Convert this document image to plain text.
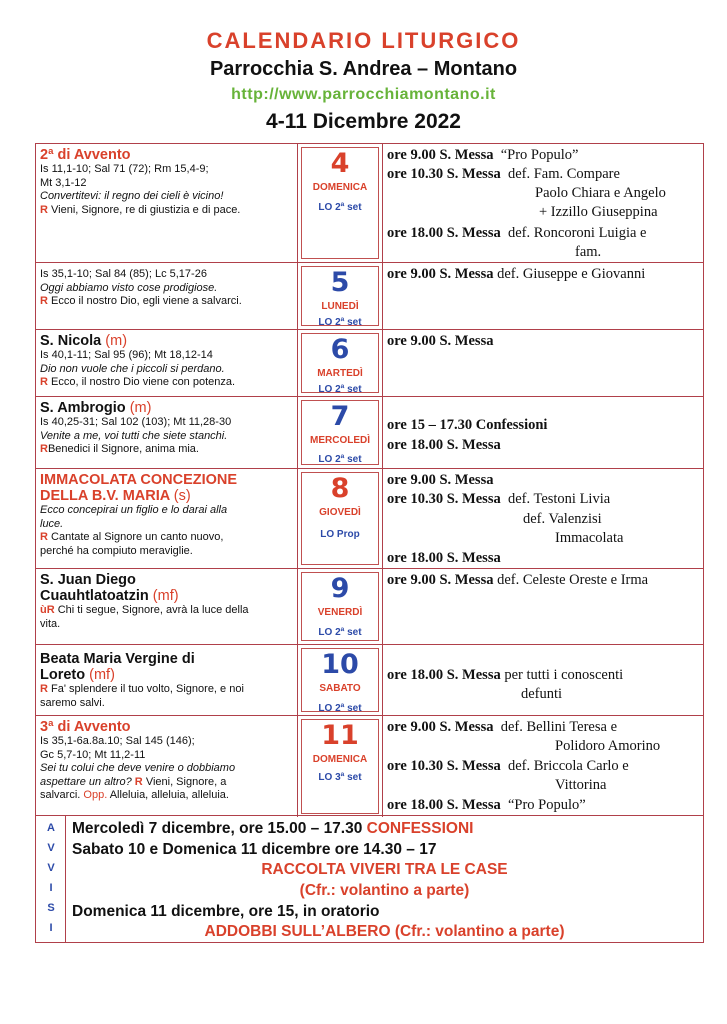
CALENDARIO LITURGICO
Parrocchia S. Andrea – Montano
http://www.parrocchiamontano.it
4-11 Dicembre 2022
2ª di Avvento
Is 11,1-10; Sal 71 (72); Rm 15,4-9;
Mt 3,1-12
Convertitevi: il regno dei cieli è vicino!
R Vieni, Signore, re di giustizia e di pace.
4
DOMENICA
LO 2ª set
ore 9.00 S. Messa “Pro Populo”
ore 10.30 S. Messa def. Fam. Compare
Paolo Chiara e Angelo
+ Izzillo Giuseppina
ore 18.00 S. Messa def. Roncoroni Luigia e
fam.
Is 35,1-10; Sal 84 (85); Lc 5,17-26
Oggi abbiamo visto cose prodigiose.
R Ecco il nostro Dio, egli viene a salvarci.
5
LUNEDÌ
LO 2ª set
ore 9.00 S. Messa def. Giuseppe e Giovanni
S. Nicola (m)
Is 40,1-11; Sal 95 (96); Mt 18,12-14
Dio non vuole che i piccoli si perdano.
R Ecco, il nostro Dio viene con potenza.
6
MARTEDÌ
LO 2ª set
ore 9.00 S. Messa
S. Ambrogio (m)
Is 40,25-31; Sal 102 (103); Mt 11,28-30
Venite a me, voi tutti che siete stanchi.
RBenedici il Signore, anima mia.
7
MERCOLEDÌ
LO 2ª set
ore 15 – 17.30 Confessioni
ore 18.00 S. Messa
IMMACOLATA CONCEZIONE
DELLA B.V. MARIA (s)
Ecco concepirai un figlio e lo darai alla
luce.
R Cantate al Signore un canto nuovo,
perché ha compiuto meraviglie.
8
GIOVEDÌ
LO Prop
ore 9.00 S. Messa
ore 10.30 S. Messa def. Testoni Livia
def. Valenzisi
Immacolata
ore 18.00 S. Messa
S. Juan Diego
Cuauhtlatoatzin (mf)
ùR Chi ti segue, Signore, avrà la luce della
vita.
9
VENERDÌ
LO 2ª set
ore 9.00 S. Messa def. Celeste Oreste e Irma
Beata Maria Vergine di
Loreto (mf)
R Fa' splendere il tuo volto, Signore, e noi
saremo salvi.
10
SABATO
LO 2ª set
ore 18.00 S. Messa per tutti i conoscenti
defunti
3ª di Avvento
Is 35,1-6a.8a.10; Sal 145 (146);
Gc 5,7-10; Mt 11,2-11
Sei tu colui che deve venire o dobbiamo
aspettare un altro? R Vieni, Signore, a
salvarci. Opp. Alleluia, alleluia, alleluia.
11
DOMENICA
LO 3ª set
ore 9.00 S. Messa def. Bellini Teresa e
Polidoro Amorino
ore 10.30 S. Messa def. Briccola Carlo e
Vittorina
ore 18.00 S. Messa “Pro Populo”
A
V
V
I
S
I
Mercoledì 7 dicembre, ore 15.00 – 17.30 CONFESSIONI
Sabato 10 e Domenica 11 dicembre ore 14.30 – 17
RACCOLTA VIVERI TRA LE CASE
(Cfr.: volantino a parte)
Domenica 11 dicembre, ore 15, in oratorio
ADDOBBI SULL’ALBERO (Cfr.: volantino a parte)
